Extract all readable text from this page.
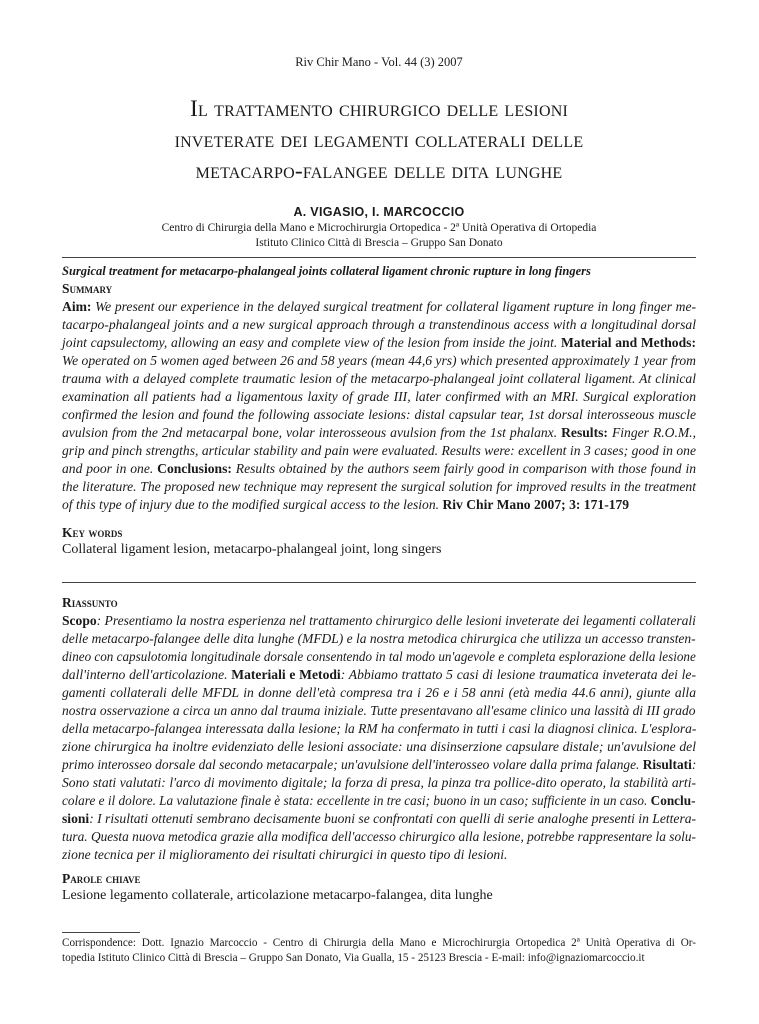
Riv Chir Mano - Vol. 44 (3) 2007
Il trattamento chirurgico delle lesioni
inveterate dei legamenti collaterali delle
metacarpo-falangee delle dita lunghe
A. VIGASIO, I. MARCOCCIO
Centro di Chirurgia della Mano e Microchirurgia Ortopedica - 2ª Unità Operativa di Ortopedia
Istituto Clinico Città di Brescia – Gruppo San Donato
Surgical treatment for metacarpo-phalangeal joints collateral ligament chronic rupture in long fingers
Summary
Aim: We present our experience in the delayed surgical treatment for collateral ligament rupture in long finger me-
tacarpo-phalangeal joints and a new surgical approach through a transtendinous access with a longitudinal dorsal
joint capsulectomy, allowing an easy and complete view of the lesion from inside the joint. Material and Methods:
We operated on 5 women aged between 26 and 58 years (mean 44,6 yrs) which presented approximately 1 year from
trauma with a delayed complete traumatic lesion of the metacarpo-phalangeal joint collateral ligament. At clinical
examination all patients had a ligamentous laxity of grade III, later confirmed with an MRI. Surgical exploration
confirmed the lesion and found the following associate lesions: distal capsular tear, 1st dorsal interosseous muscle
avulsion from the 2nd metacarpal bone, volar interosseous avulsion from the 1st phalanx. Results: Finger R.O.M.,
grip and pinch strengths, articular stability and pain were evaluated. Results were: excellent in 3 cases; good in one
and poor in one. Conclusions: Results obtained by the authors seem fairly good in comparison with those found in
the literature. The proposed new technique may represent the surgical solution for improved results in the treatment
of this type of injury due to the modified surgical access to the lesion. Riv Chir Mano 2007; 3: 171-179
Key words
Collateral ligament lesion, metacarpo-phalangeal joint, long singers
Riassunto
Scopo: Presentiamo la nostra esperienza nel trattamento chirurgico delle lesioni inveterate dei legamenti collaterali
delle metacarpo-falangee delle dita lunghe (MFDL) e la nostra metodica chirurgica che utilizza un accesso transten-
dineo con capsulotomia longitudinale dorsale consentendo in tal modo un'agevole e completa esplorazione della lesione
dall'interno dell'articolazione. Materiali e Metodi: Abbiamo trattato 5 casi di lesione traumatica inveterata dei le-
gamenti collaterali delle MFDL in donne dell'età compresa tra i 26 e i 58 anni (età media 44.6 anni), giunte alla
nostra osservazione a circa un anno dal trauma iniziale. Tutte presentavano all'esame clinico una lassità di III grado
della metacarpo-falangea interessata dalla lesione; la RM ha confermato in tutti i casi la diagnosi clinica. L'esplora-
zione chirurgica ha inoltre evidenziato delle lesioni associate: una disinserzione capsulare distale; un'avulsione del
primo interosseo dorsale dal secondo metacarpale; un'avulsione dell'interosseo volare dalla prima falange. Risultati:
Sono stati valutati: l'arco di movimento digitale; la forza di presa, la pinza tra pollice-dito operato, la stabilità arti-
colare e il dolore. La valutazione finale è stata: eccellente in tre casi; buono in un caso; sufficiente in un caso. Conclu-
sioni: I risultati ottenuti sembrano decisamente buoni se confrontati con quelli di serie analoghe presenti in Lettera-
tura. Questa nuova metodica grazie alla modifica dell'accesso chirurgico alla lesione, potrebbe rappresentare la solu-
zione tecnica per il miglioramento dei risultati chirurgici in questo tipo di lesioni.
Parole chiave
Lesione legamento collaterale, articolazione metacarpo-falangea, dita lunghe
Corrispondence: Dott. Ignazio Marcoccio - Centro di Chirurgia della Mano e Microchirurgia Ortopedica 2ª Unità Operativa di Or-
topedia Istituto Clinico Città di Brescia – Gruppo San Donato, Via Gualla, 15 - 25123 Brescia - E-mail: info@ignaziomarcoccio.it
